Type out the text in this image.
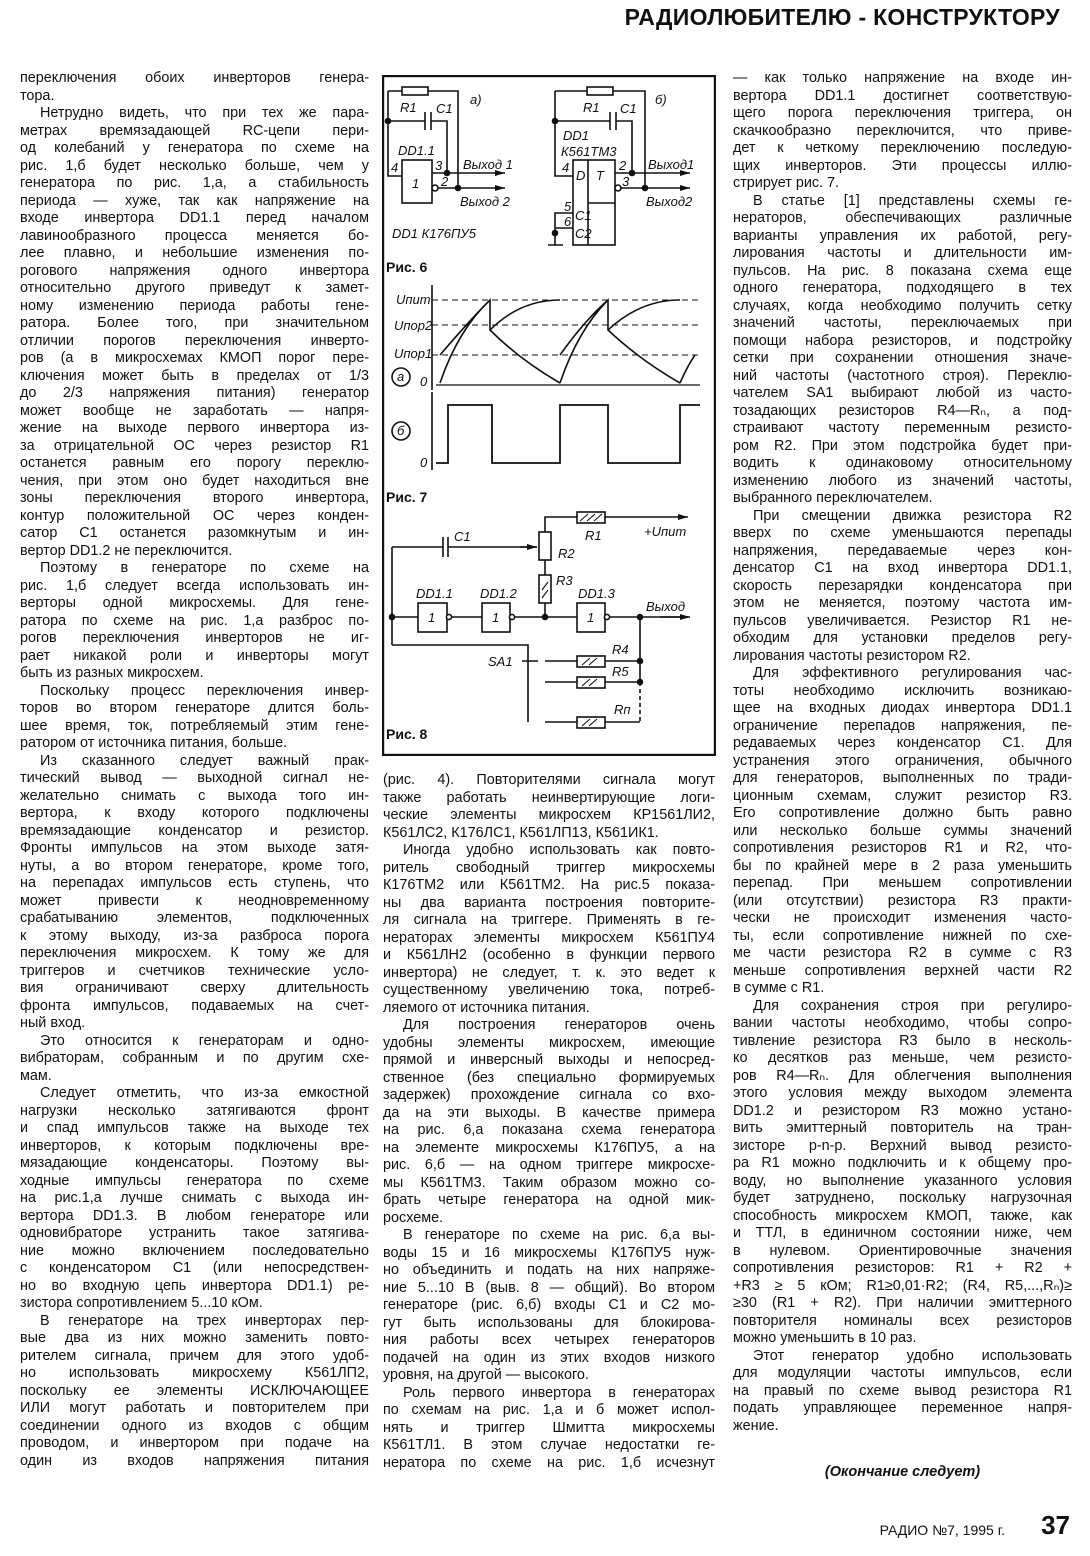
РАДИОЛЮБИТЕЛЮ - КОНСТРУКТОРУ
переключения обоих инверторов генера-
тора.
Нетрудно видеть, что при тех же пара-
метрах времязадающей RC-цепи пери-
од колебаний у генератора по схеме на
рис. 1,б будет несколько больше, чем у
генератора по рис. 1,а, а стабильность
периода — хуже, так как напряжение на
входе инвертора DD1.1 перед началом
лавинообразного процесса меняется бо-
лее плавно, и небольшие изменения по-
рогового напряжения одного инвертора
относительно другого приведут к замет-
ному изменению периода работы гене-
ратора. Более того, при значительном
отличии порогов переключения инверто-
ров (а в микросхемах КМОП порог пере-
ключения может быть в пределах от 1/3
до 2/3 напряжения питания) генератор
может вообще не заработать — напря-
жение на выходе первого инвертора из-
за отрицательной ОС через резистор R1
останется равным его порогу переклю-
чения, при этом оно будет находиться вне
зоны переключения второго инвертора,
контур положительной ОС через конден-
сатор C1 останется разомкнутым и ин-
вертор DD1.2 не переключится.
Поэтому в генераторе по схеме на
рис. 1,б следует всегда использовать ин-
верторы одной микросхемы. Для гене-
ратора по схеме на рис. 1,а разброс по-
рогов переключения инверторов не иг-
рает никакой роли и инверторы могут
быть из разных микросхем.
Поскольку процесс переключения инвер-
торов во втором генераторе длится боль-
шее время, ток, потребляемый этим гене-
ратором от источника питания, больше.
Из сказанного следует важный прак-
тический вывод — выходной сигнал не-
желательно снимать с выхода того ин-
вертора, к входу которого подключены
времязадающие конденсатор и резистор.
Фронты импульсов на этом выходе затя-
нуты, а во втором генераторе, кроме того,
на перепадах импульсов есть ступень, что
может привести к неодновременному
срабатыванию элементов, подключенных
к этому выходу, из-за разброса порога
переключения микросхем. К тому же для
триггеров и счетчиков технические усло-
вия ограничивают сверху длительность
фронта импульсов, подаваемых на счет-
ный вход.
Это относится к генераторам и одно-
вибраторам, собранным и по другим схе-
мам.
Следует отметить, что из-за емкостной
нагрузки несколько затягиваются фронт
и спад импульсов также на выходе тех
инверторов, к которым подключены вре-
мязадающие конденсаторы. Поэтому вы-
ходные импульсы генератора по схеме
на рис.1,а лучше снимать с выхода ин-
вертора DD1.3. В любом генераторе или
одновибраторе устранить такое затягива-
ние можно включением последовательно
с конденсатором C1 (или непосредствен-
но во входную цепь инвертора DD1.1) ре-
зистора сопротивлением 5...10 кОм.
В генераторе на трех инверторах пер-
вые два из них можно заменить повто-
рителем сигнала, причем для этого удоб-
но использовать микросхему К561ЛП2,
поскольку ее элементы ИСКЛЮЧАЮЩЕЕ
ИЛИ могут работать и повторителем при
соединении одного из входов с общим
проводом, и инвертором при подаче на
один из входов напряжения питания
(рис. 4). Повторителями сигнала могут
также работать неинвертирующие логи-
ческие элементы микросхем КР1561ЛИ2,
К561ЛС2, К176ЛС1, К561ЛП13, К561ИК1.
Иногда удобно использовать как повто-
ритель свободный триггер микросхемы
К176ТМ2 или К561ТМ2. На рис.5 показа-
ны два варианта построения повторите-
ля сигнала на триггере. Применять в ге-
нераторах элементы микросхем К561ПУ4
и К561ЛН2 (особенно в функции первого
инвертора) не следует, т. к. это ведет к
существенному увеличению тока, потреб-
ляемого от источника питания.
Для построения генераторов очень
удобны элементы микросхем, имеющие
прямой и инверсный выходы и непосред-
ственное (без специально формируемых
задержек) прохождение сигнала со вхо-
да на эти выходы. В качестве примера
на рис. 6,а показана схема генератора
на элементе микросхемы К176ПУ5, а на
рис. 6,б — на одном триггере микросхе-
мы К561ТМ3. Таким образом можно со-
брать четыре генератора на одной мик-
росхеме.
В генераторе по схеме на рис. 6,а вы-
воды 15 и 16 микросхемы К176ПУ5 нуж-
но объединить и подать на них напряже-
ние 5...10 В (выв. 8 — общий). Во втором
генераторе (рис. 6,б) входы C1 и C2 мо-
гут быть использованы для блокирова-
ния работы всех четырех генераторов
подачей на один из этих входов низкого
уровня, на другой — высокого.
Роль первого инвертора в генераторах
по схемам на рис. 1,а и б может испол-
нять и триггер Шмитта микросхемы
К561ТЛ1. В этом случае недостатки ге-
нератора по схеме на рис. 1,б исчезнут
— как только напряжение на входе ин-
вертора DD1.1 достигнет соответствую-
щего порога переключения триггера, он
скачкообразно переключится, что приве-
дет к четкому переключению последую-
щих инверторов. Эти процессы иллю-
стрирует рис. 7.
В статье [1] представлены схемы ге-
нераторов, обеспечивающих различные
варианты управления их работой, регу-
лирования частоты и длительности им-
пульсов. На рис. 8 показана схема еще
одного генератора, подходящего в тех
случаях, когда необходимо получить сетку
значений частоты, переключаемых при
помощи набора резисторов, и подстройку
сетки при сохранении отношения значе-
ний частоты (частотного строя). Переклю-
чателем SA1 выбирают любой из часто-
тозадающих резисторов R4—Rₙ, а под-
страивают частоту переменным резисто-
ром R2. При этом подстройка будет при-
водить к одинаковому относительному
изменению любого из значений частоты,
выбранного переключателем.
При смещении движка резистора R2
вверх по схеме уменьшаются перепады
напряжения, передаваемые через кон-
денсатор C1 на вход инвертора DD1.1,
скорость перезарядки конденсатора при
этом не меняется, поэтому частота им-
пульсов увеличивается. Резистор R1 не-
обходим для установки пределов регу-
лирования частоты резистором R2.
Для эффективного регулирования час-
тоты необходимо исключить возникаю-
щее на входных диодах инвертора DD1.1
ограничение перепадов напряжения, пе-
редаваемых через конденсатор C1. Для
устранения этого ограничения, обычного
для генераторов, выполненных по тради-
ционным схемам, служит резистор R3.
Его сопротивление должно быть равно
или несколько больше суммы значений
сопротивления резисторов R1 и R2, что-
бы по крайней мере в 2 раза уменьшить
перепад. При меньшем сопротивлении
(или отсутствии) резистора R3 практи-
чески не происходит изменения часто-
ты, если сопротивление нижней по схе-
ме части резистора R2 в сумме с R3
меньше сопротивления верхней части R2
в сумме с R1.
Для сохранения строя при регулиро-
вании частоты необходимо, чтобы сопро-
тивление резистора R3 было в несколь-
ко десятков раз меньше, чем резисто-
ров R4—Rₙ. Для облегчения выполнения
этого условия между выходом элемента
DD1.2 и резистором R3 можно устано-
вить эмиттерный повторитель на тран-
зисторе p-n-p. Верхний вывод резисто-
ра R1 можно подключить и к общему про-
воду, но выполнение указанного условия
будет затруднено, поскольку нагрузочная
способность микросхем КМОП, также, как
и ТТЛ, в единичном состоянии ниже, чем
в нулевом. Ориентировочные значения
сопротивления резисторов: R1 + R2 +
+R3 ≥ 5 кОм; R1≥0,01·R2; (R4, R5,...,Rₙ)≥
≥30 (R1 + R2). При наличии эмиттерного
повторителя номиналы всех резисторов
можно уменьшить в 10 раз.
Этот генератор удобно использовать
для модуляции частоты импульсов, если
на правый по схеме вывод резистора R1
подать управляющее переменное напря-
жение.
R1 C1
а)
DD1.1
1
4	3
2
Выход 1
Выход 2
DD1 К176ПУ5
R1 C1
б)
DD1
К561ТМ3
D T
C1
C2
4	2
3
5
6
Выход1
Выход2
Рис. 6
Uпит
Uпор2
Uпор1
0
0
а
б
Рис. 7
C1	R1	+Uпит
R2
R3
DD1.1 DD1.2	DD1.3
1	1	1
Выход
SA1
R4
R5
Rп
Рис. 8
(Окончание следует)
РАДИО №7, 1995 г. 37
